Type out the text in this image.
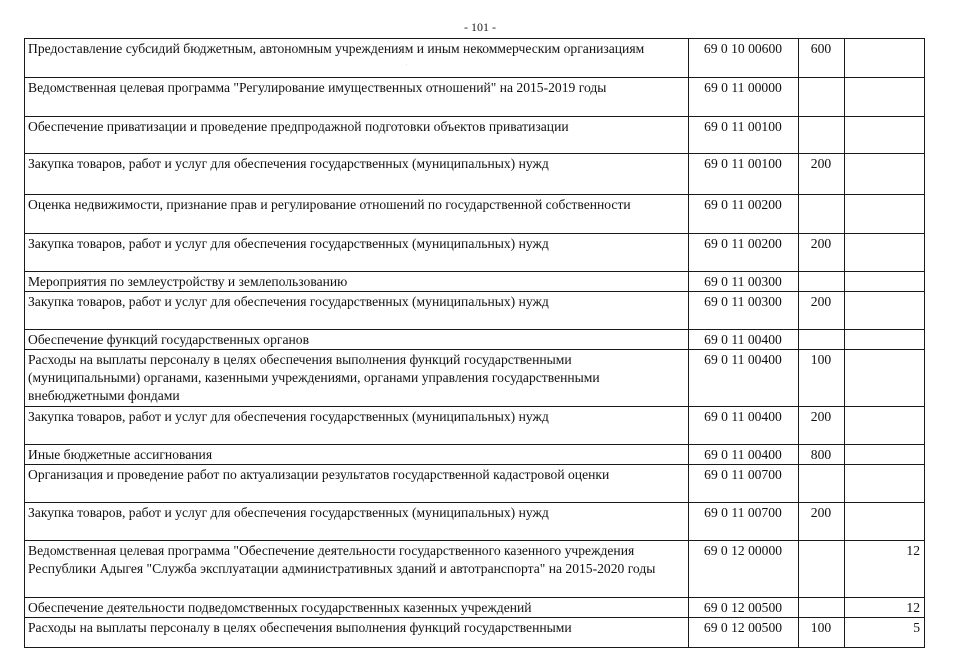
- 101 -
·
Предоставление субсидий бюджетным, автономным учреждениям и иным некоммерческим организациям	69 0 10 00600	600	
Ведомственная целевая программа "Регулирование имущественных отношений" на 2015-2019 годы	69 0 11 00000		
Обеспечение приватизации и проведение предпродажной подготовки объектов приватизации	69 0 11 00100		
Закупка товаров, работ и услуг для обеспечения государственных (муниципальных) нужд	69 0 11 00100	200	
Оценка недвижимости, признание прав и регулирование отношений по государственной собственности	69 0 11 00200		
Закупка товаров, работ и услуг для обеспечения государственных (муниципальных) нужд	69 0 11 00200	200	
Мероприятия по землеустройству и землепользованию	69 0 11 00300		
Закупка товаров, работ и услуг для обеспечения государственных (муниципальных) нужд	69 0 11 00300	200	
Обеспечение функций государственных органов	69 0 11 00400		
Расходы на выплаты персоналу в целях обеспечения выполнения функций государственными (муниципальными) органами, казенными учреждениями, органами управления государственными внебюджетными фондами	69 0 11 00400	100	
Закупка товаров, работ и услуг для обеспечения государственных (муниципальных) нужд	69 0 11 00400	200	
Иные бюджетные ассигнования	69 0 11 00400	800	
Организация и проведение работ по актуализации результатов государственной кадастровой оценки	69 0 11 00700		
Закупка товаров, работ и услуг для обеспечения государственных (муниципальных) нужд	69 0 11 00700	200	
Ведомственная целевая программа "Обеспечение деятельности государственного казенного учреждения Республики Адыгея "Служба эксплуатации административных зданий и автотранспорта" на 2015-2020 годы	69 0 12 00000		12
Обеспечение деятельности подведомственных государственных казенных учреждений	69 0 12 00500		12
Расходы на выплаты персоналу в целях обеспечения выполнения функций государственными	69 0 12 00500	100	5
